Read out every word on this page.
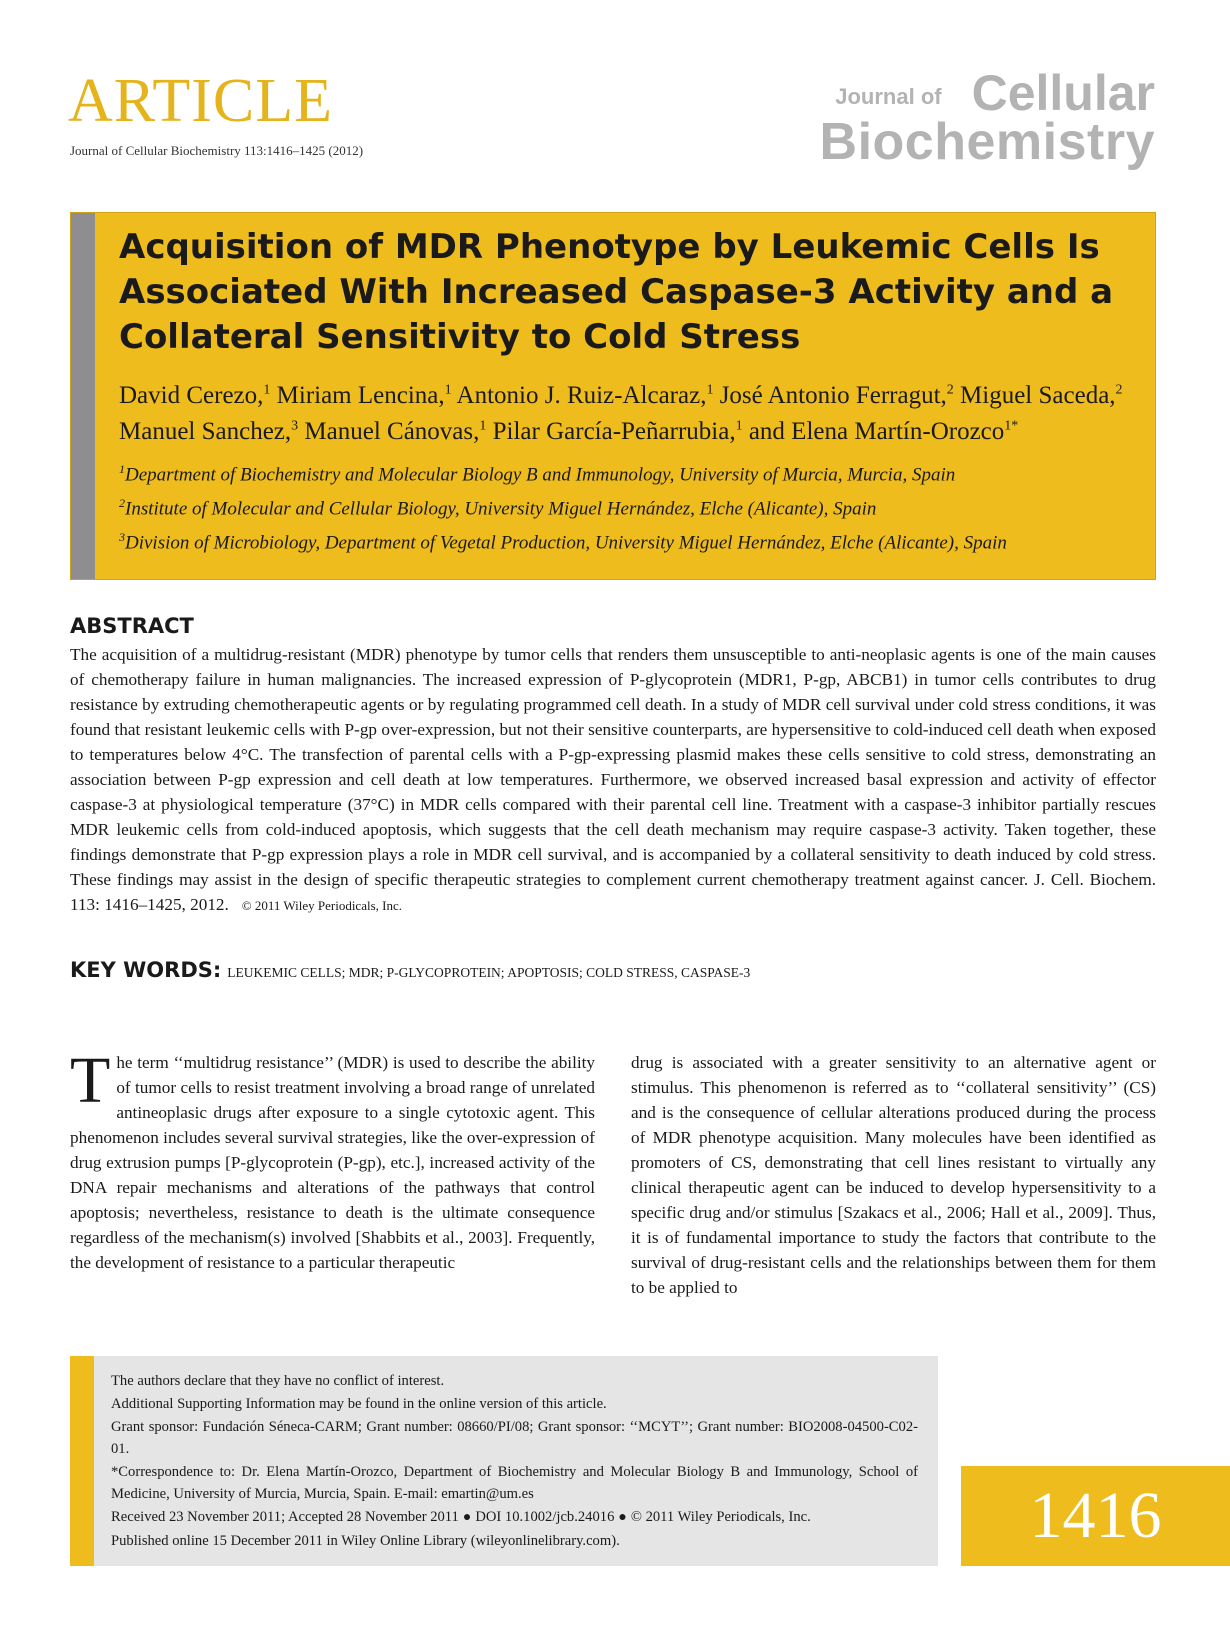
ARTICLE
Journal of Cellular Biochemistry 113:1416–1425 (2012)
Journal of Cellular
Biochemistry
Acquisition of MDR Phenotype by Leukemic Cells Is Associated With Increased Caspase-3 Activity and a Collateral Sensitivity to Cold Stress
David Cerezo,$^1$ Miriam Lencina,$^1$ Antonio J. Ruiz-Alcaraz,$^1$ José Antonio Ferragut,$^2$ Miguel Saceda,$^2$ Manuel Sanchez,$^3$ Manuel Cánovas,$^1$ Pilar García-Peñarrubia,$^1$ and Elena Martín-Orozco$^{1*}$
$^1$Department of Biochemistry and Molecular Biology B and Immunology, University of Murcia, Murcia, Spain
$^2$Institute of Molecular and Cellular Biology, University Miguel Hernández, Elche (Alicante), Spain
$^3$Division of Microbiology, Department of Vegetal Production, University Miguel Hernández, Elche (Alicante), Spain
ABSTRACT
The acquisition of a multidrug-resistant (MDR) phenotype by tumor cells that renders them unsusceptible to anti-neoplasic agents is one of the main causes of chemotherapy failure in human malignancies. The increased expression of P-glycoprotein (MDR1, P-gp, ABCB1) in tumor cells contributes to drug resistance by extruding chemotherapeutic agents or by regulating programmed cell death. In a study of MDR cell survival under cold stress conditions, it was found that resistant leukemic cells with P-gp over-expression, but not their sensitive counterparts, are hypersensitive to cold-induced cell death when exposed to temperatures below 4°C. The transfection of parental cells with a P-gp-expressing plasmid makes these cells sensitive to cold stress, demonstrating an association between P-gp expression and cell death at low temperatures. Furthermore, we observed increased basal expression and activity of effector caspase-3 at physiological temperature (37°C) in MDR cells compared with their parental cell line. Treatment with a caspase-3 inhibitor partially rescues MDR leukemic cells from cold-induced apoptosis, which suggests that the cell death mechanism may require caspase-3 activity. Taken together, these findings demonstrate that P-gp expression plays a role in MDR cell survival, and is accompanied by a collateral sensitivity to death induced by cold stress. These findings may assist in the design of specific therapeutic strategies to complement current chemotherapy treatment against cancer. J. Cell. Biochem. 113: 1416–1425, 2012. © 2011 Wiley Periodicals, Inc.
KEY WORDS: LEUKEMIC CELLS; MDR; P-GLYCOPROTEIN; APOPTOSIS; COLD STRESS, CASPASE-3
The term ‘‘multidrug resistance’’ (MDR) is used to describe the ability of tumor cells to resist treatment involving a broad range of unrelated antineoplasic drugs after exposure to a single cytotoxic agent. This phenomenon includes several survival strategies, like the over-expression of drug extrusion pumps [P-glycoprotein (P-gp), etc.], increased activity of the DNA repair mechanisms and alterations of the pathways that control apoptosis; nevertheless, resistance to death is the ultimate consequence regardless of the mechanism(s) involved [Shabbits et al., 2003]. Frequently, the development of resistance to a particular therapeutic
drug is associated with a greater sensitivity to an alternative agent or stimulus. This phenomenon is referred as to ‘‘collateral sensitivity’’ (CS) and is the consequence of cellular alterations produced during the process of MDR phenotype acquisition. Many molecules have been identified as promoters of CS, demonstrating that cell lines resistant to virtually any clinical therapeutic agent can be induced to develop hypersensitivity to a specific drug and/or stimulus [Szakacs et al., 2006; Hall et al., 2009]. Thus, it is of fundamental importance to study the factors that contribute to the survival of drug-resistant cells and the relationships between them for them to be applied to

The authors declare that they have no conflict of interest.

Additional Supporting Information may be found in the online version of this article.

Grant sponsor: Fundación Séneca-CARM; Grant number: 08660/PI/08; Grant sponsor: ‘‘MCYT’’; Grant number: BIO2008-04500-C02-01.

*Correspondence to: Dr. Elena Martín-Orozco, Department of Biochemistry and Molecular Biology B and Immunology, School of Medicine, University of Murcia, Murcia, Spain. E-mail: emartin@um.es

Received 23 November 2011; Accepted 28 November 2011 ● DOI 10.1002/jcb.24016 ● © 2011 Wiley Periodicals, Inc.

Published online 15 December 2011 in Wiley Online Library (wileyonlinelibrary.com).	1416
